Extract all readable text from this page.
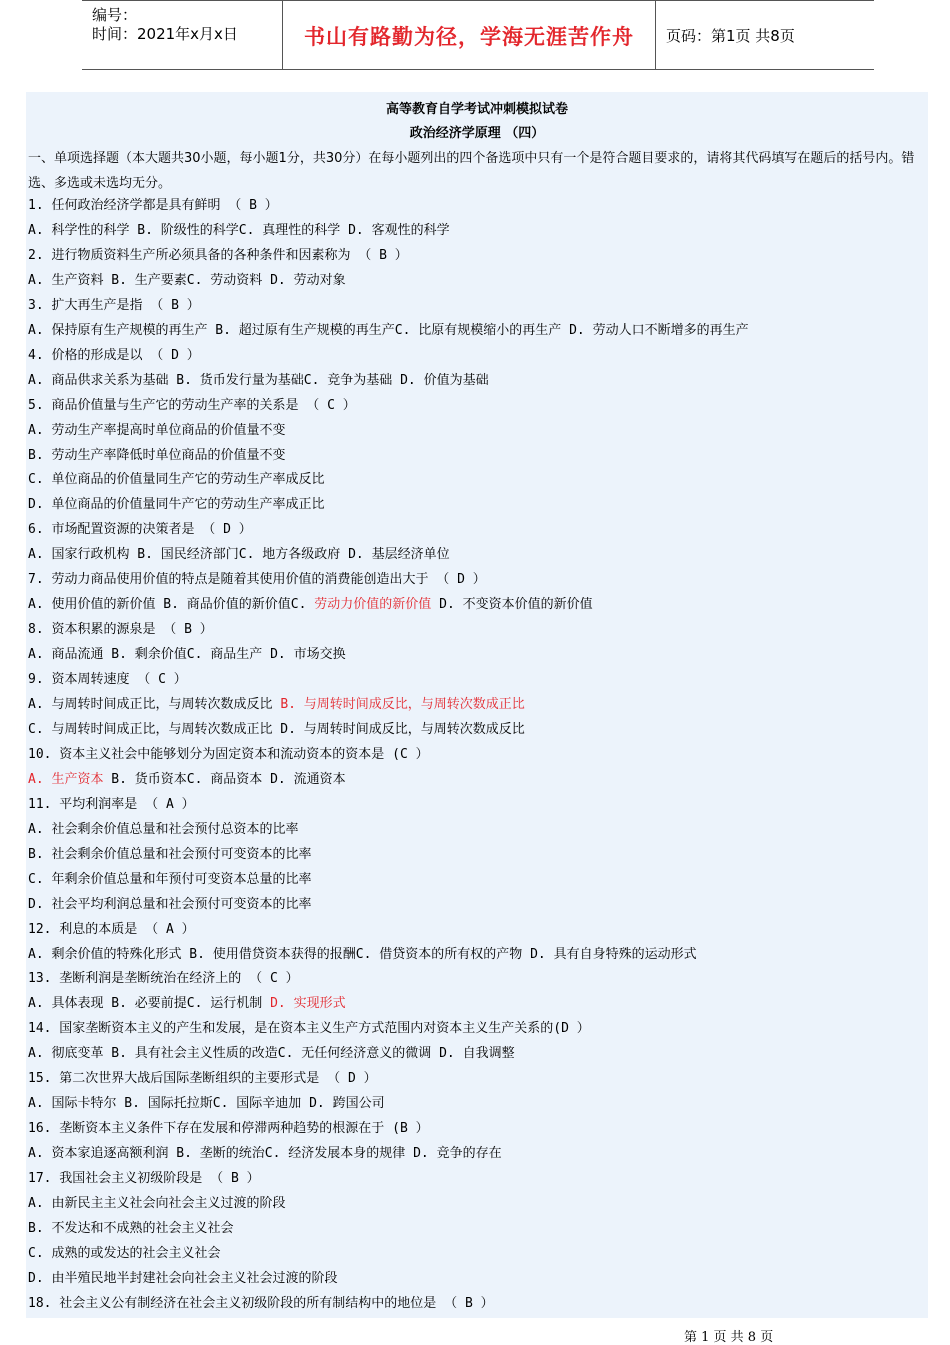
编号：
时间：2021年x月x日	书山有路勤为径，学海无涯苦作舟	页码：第1页 共8页
高等教育自学考试冲刺模拟试卷
政治经济学原理 （四）
一、单项选择题（本大题共30小题，每小题1分，共30分）在每小题列出的四个备选项中只有一个是符合题目要求的，请将其代码填写在题后的括号内。错选、多选或未选均无分。
1. 任何政治经济学都是具有鲜明 （ B ）
A. 科学性的科学 B. 阶级性的科学C. 真理性的科学 D. 客观性的科学
2. 进行物质资料生产所必须具备的各种条件和因素称为 （ B ）
A. 生产资料 B. 生产要素C. 劳动资料 D. 劳动对象
3. 扩大再生产是指 （ B ）
A. 保持原有生产规模的再生产 B. 超过原有生产规模的再生产C. 比原有规模缩小的再生产 D. 劳动人口不断增多的再生产
4. 价格的形成是以 （ D ）
A. 商品供求关系为基础 B. 货币发行量为基础C. 竞争为基础 D. 价值为基础
5. 商品价值量与生产它的劳动生产率的关系是 （ C ）
A. 劳动生产率提高时单位商品的价值量不变
B. 劳动生产率降低时单位商品的价值量不变
C. 单位商品的价值量同生产它的劳动生产率成反比
D. 单位商品的价值量同牛产它的劳动生产率成正比
6. 市场配置资源的决策者是 （ D ）
A. 国家行政机构 B. 国民经济部门C. 地方各级政府 D. 基层经济单位
7. 劳动力商品使用价值的特点是随着其使用价值的消费能创造出大于 （ D ）
A. 使用价值的新价值 B. 商品价值的新价值C. 劳动力价值的新价值 D. 不变资本价值的新价值
8. 资本积累的源泉是 （ B ）
A. 商品流通 B. 剩余价值C. 商品生产 D. 市场交换
9. 资本周转速度 （ C ）
A. 与周转时间成正比，与周转次数成反比 B. 与周转时间成反比，与周转次数成正比
C. 与周转时间成正比，与周转次数成正比 D. 与周转时间成反比，与周转次数成反比
10. 资本主义社会中能够划分为固定资本和流动资本的资本是 (C ）
A. 生产资本 B. 货币资本C. 商品资本 D. 流通资本
11. 平均利润率是 （ A ）
A. 社会剩余价值总量和社会预付总资本的比率
B. 社会剩余价值总量和社会预付可变资本的比率
C. 年剩余价值总量和年预付可变资本总量的比率
D. 社会平均利润总量和社会预付可变资本的比率
12. 利息的本质是 （ A ）
A. 剩余价值的特殊化形式 B. 使用借贷资本获得的报酬C. 借贷资本的所有权的产物 D. 具有自身特殊的运动形式
13. 垄断利润是垄断统治在经济上的 （ C ）
A. 具体表现 B. 必要前提C. 运行机制 D. 实现形式
14. 国家垄断资本主义的产生和发展，是在资本主义生产方式范围内对资本主义生产关系的(D ）
A. 彻底变革 B. 具有社会主义性质的改造C. 无任何经济意义的微调 D. 自我调整
15. 第二次世界大战后国际垄断组织的主要形式是 （ D ）
A. 国际卡特尔 B. 国际托拉斯C. 国际辛迪加 D. 跨国公司
16. 垄断资本主义条件下存在发展和停滞两种趋势的根源在于 (B ）
A. 资本家追逐高额利润 B. 垄断的统治C. 经济发展本身的规律 D. 竞争的存在
17. 我国社会主义初级阶段是 （ B ）
A. 由新民主主义社会向社会主义过渡的阶段
B. 不发达和不成熟的社会主义社会
C. 成熟的或发达的社会主义社会
D. 由半殖民地半封建社会向社会主义社会过渡的阶段
18. 社会主义公有制经济在社会主义初级阶段的所有制结构中的地位是 （ B ）
第 1 页 共 8 页
